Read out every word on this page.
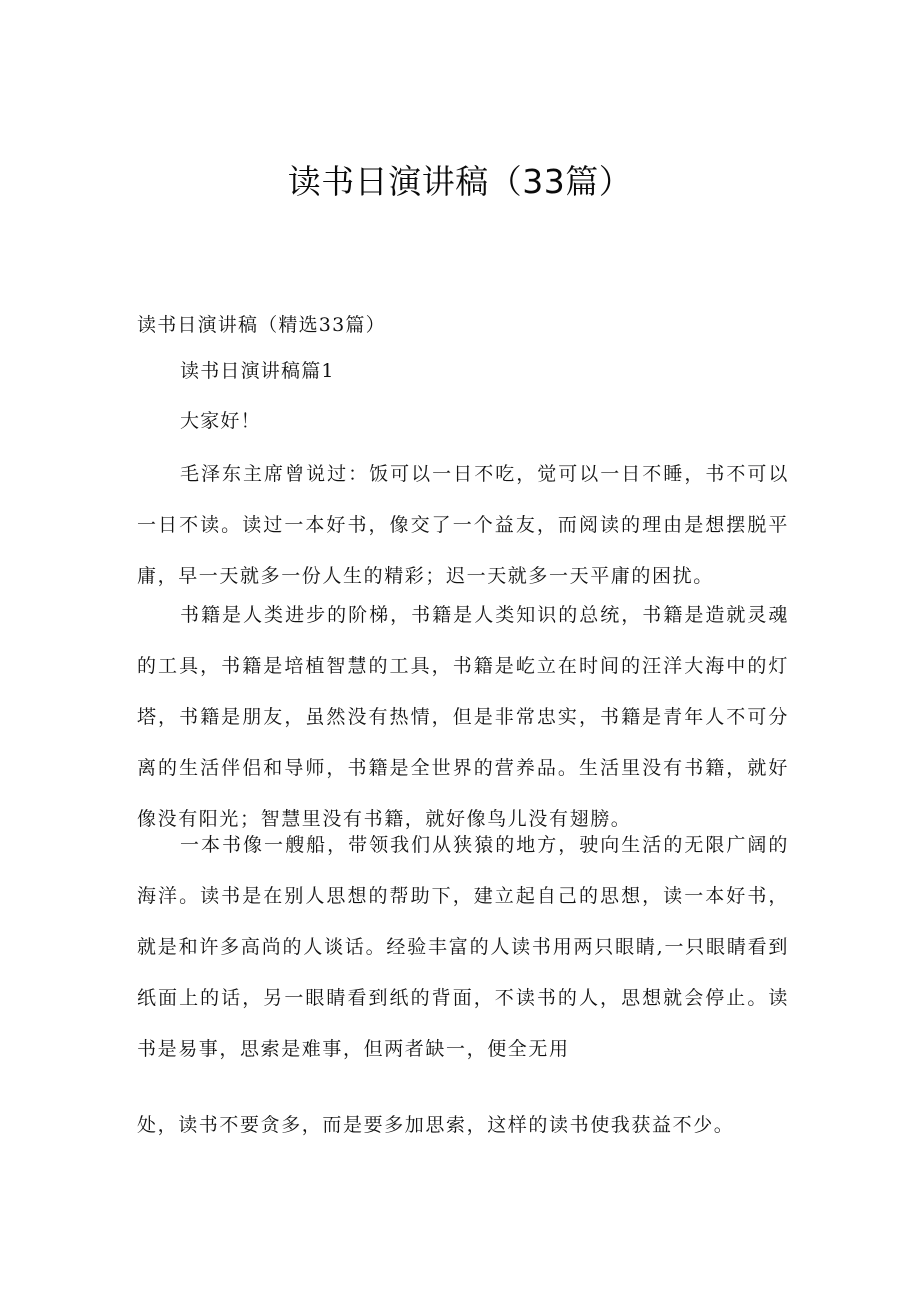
读书日演讲稿（33篇）
读书日演讲稿（精选33篇）
读书日演讲稿篇1
大家好！

毛泽东主席曾说过：饭可以一日不吃，觉可以一日不睡，书不可以一日不读。读过一本好书，像交了一个益友，而阅读的理由是想摆脱平庸，早一天就多一份人生的精彩；迟一天就多一天平庸的困扰。

书籍是人类进步的阶梯，书籍是人类知识的总统，书籍是造就灵魂的工具，书籍是培植智慧的工具，书籍是屹立在时间的汪洋大海中的灯塔，书籍是朋友，虽然没有热情，但是非常忠实，书籍是青年人不可分离的生活伴侣和导师，书籍是全世界的营养品。生活里没有书籍，就好像没有阳光；智慧里没有书籍，就好像鸟儿没有翅膀。

一本书像一艘船，带领我们从狭猿的地方，驶向生活的无限广阔的海洋。读书是在别人思想的帮助下，建立起自己的思想，读一本好书，就是和许多高尚的人谈话。经验丰富的人读书用两只眼睛,一只眼睛看到纸面上的话，另一眼睛看到纸的背面，不读书的人，思想就会停止。读书是易事，思索是难事，但两者缺一，便全无用

处，读书不要贪多，而是要多加思索，这样的读书使我获益不少。
